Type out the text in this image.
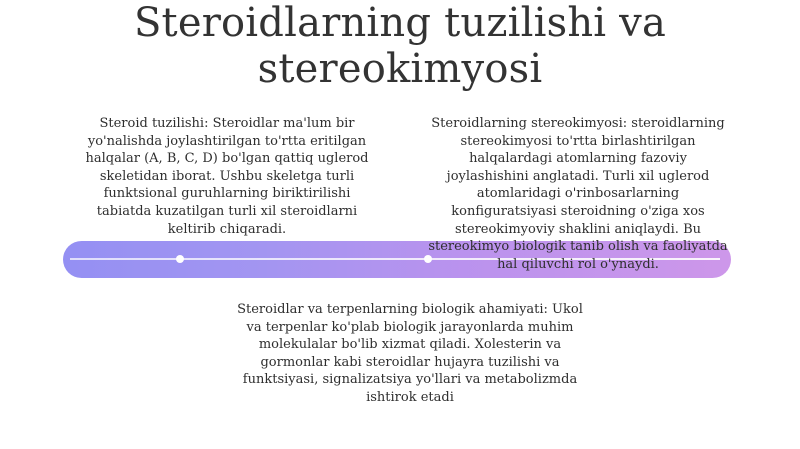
Steroidlarning tuzilishi va stereokimyosi
Steroid tuzilishi: Steroidlar ma'lum bir yo'nalishda joylashtirilgan to'rtta eritilgan halqalar (A, B, C, D) bo'lgan qattiq uglerod skeletidan iborat. Ushbu skeletga turli funktsional guruhlarning biriktirilishi tabiatda kuzatilgan turli xil steroidlarni keltirib chiqaradi.
Steroidlarning stereokimyosi: steroidlarning stereokimyosi to'rtta birlashtirilgan halqalardagi atomlarning fazoviy joylashishini anglatadi. Turli xil uglerod atomlaridagi o'rinbosarlarning konfiguratsiyasi steroidning o'ziga xos stereokimyoviy shaklini aniqlaydi. Bu stereokimyo biologik tanib olish va faoliyatda hal qiluvchi rol o'ynaydi.
Steroidlar va terpenlarning biologik ahamiyati: Ukol va terpenlar ko'plab biologik jarayonlarda muhim molekulalar bo'lib xizmat qiladi. Xolesterin va gormonlar kabi steroidlar hujayra tuzilishi va funktsiyasi, signalizatsiya yo'llari va metabolizmda ishtirok etadi
